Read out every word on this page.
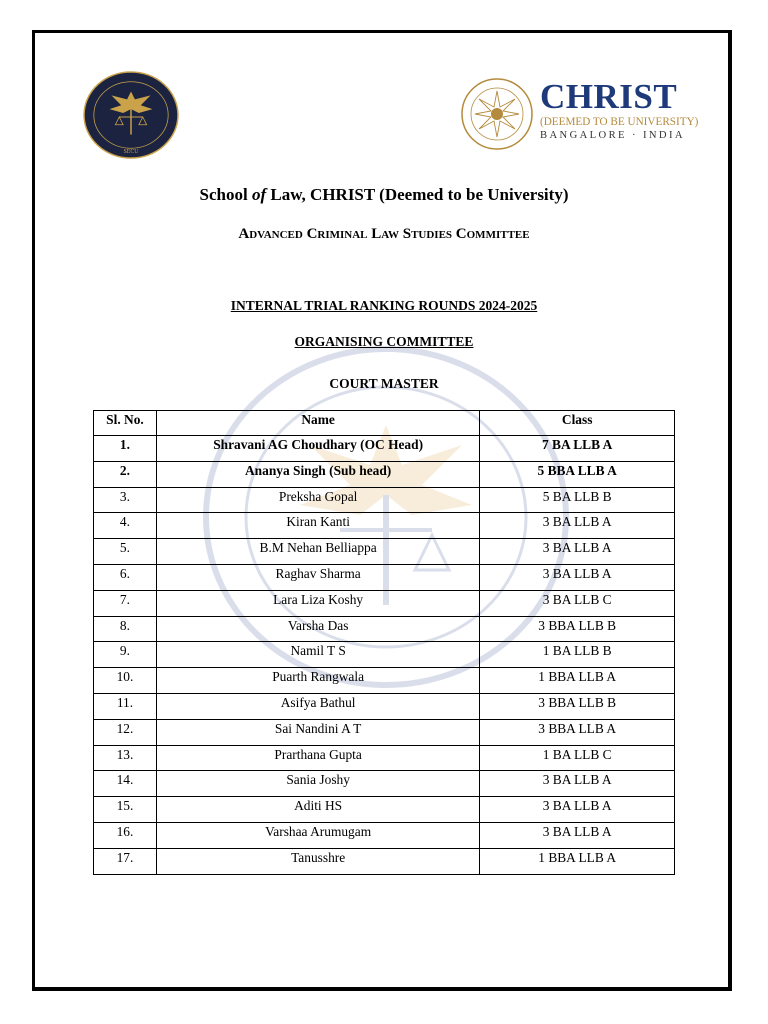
SECU
CHRIST
(DEEMED TO BE UNIVERSITY)
BANGALORE · INDIA
School of Law, CHRIST (Deemed to be University)
Advanced Criminal Law Studies Committee
INTERNAL TRIAL RANKING ROUNDS 2024-2025
ORGANISING COMMITTEE
COURT MASTER
Sl. No.	Name	Class
1.	Shravani AG Choudhary (OC Head)	7 BA LLB A
2.	Ananya Singh (Sub head)	5 BBA LLB A
3.	Preksha Gopal	5 BA LLB B
4.	Kiran Kanti	3 BA LLB A
5.	B.M Nehan Belliappa	3 BA LLB A
6.	Raghav Sharma	3 BA LLB A
7.	Lara Liza Koshy	3 BA LLB C
8.	Varsha Das	3 BBA LLB B
9.	Namil T S	1 BA LLB B
10.	Puarth Rangwala	1 BBA LLB A
11.	Asifya Bathul	3 BBA LLB B
12.	Sai Nandini A T	3 BBA LLB A
13.	Prarthana Gupta	1 BA LLB C
14.	Sania Joshy	3 BA LLB A
15.	Aditi HS	3 BA LLB A
16.	Varshaa Arumugam	3 BA LLB A
17.	Tanusshre	1 BBA LLB A
